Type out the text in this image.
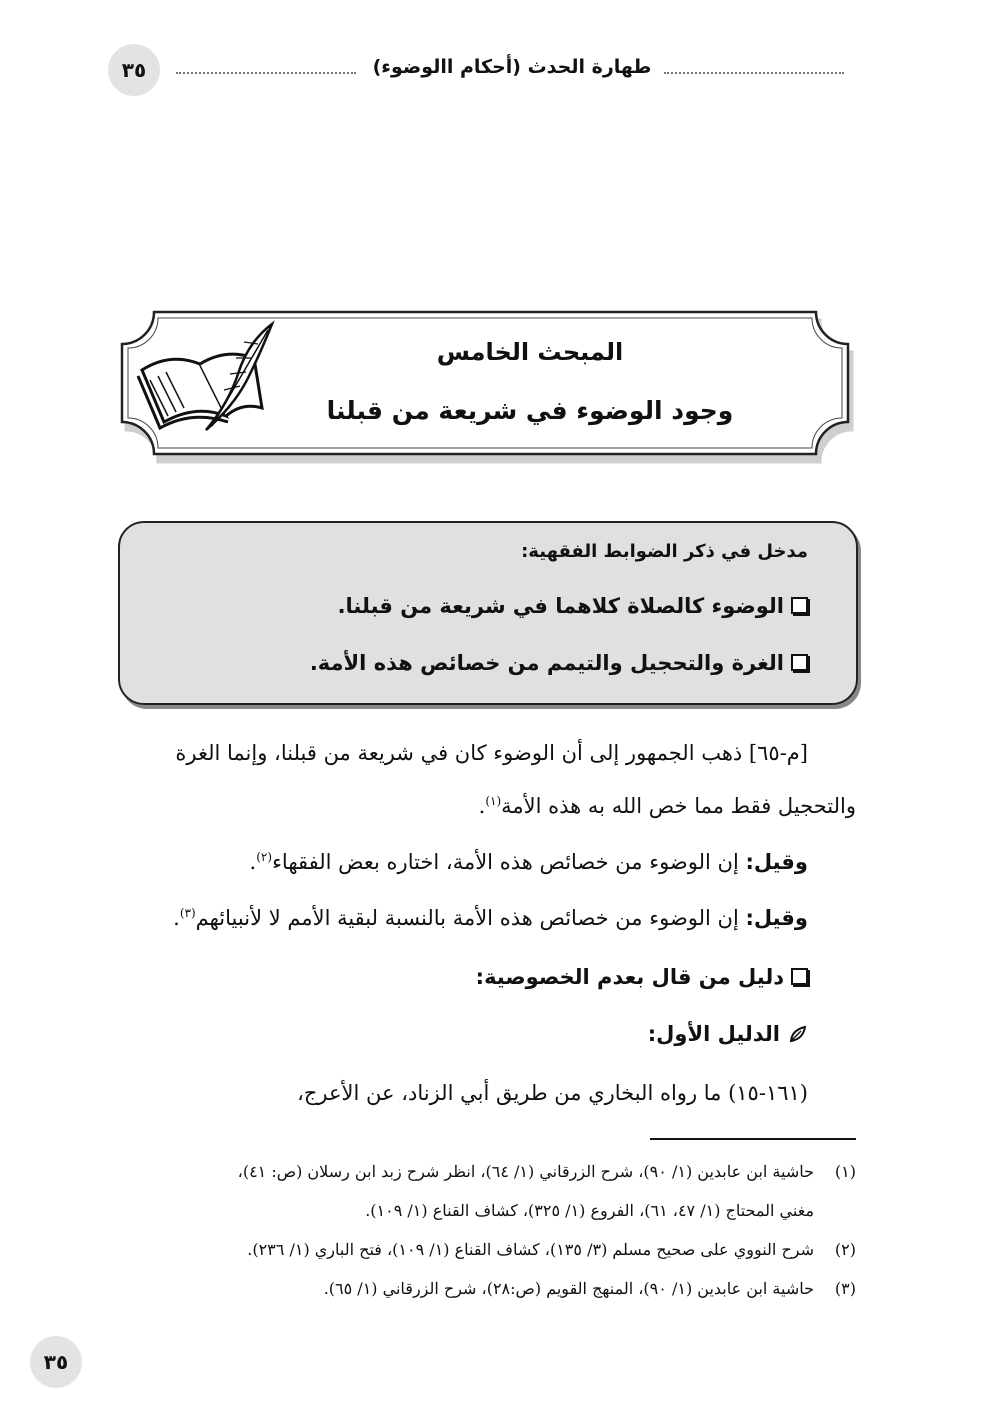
٣٥	طهارة الحدث (أحكام االوضوء)
المبحث الخامس
وجود الوضوء في شريعة من قبلنا
مدخل في ذكر الضوابط الفقهية:
الوضوء كالصلاة كلاهما في شريعة من قبلنا.
الغرة والتحجيل والتيمم من خصائص هذه الأمة.
[م-٦٥] ذهب الجمهور إلى أن الوضوء كان في شريعة من قبلنا، وإنما الغرة
والتحجيل فقط مما خص الله به هذه الأمة$^{(١)}$.
وقيل: إن الوضوء من خصائص هذه الأمة، اختاره بعض الفقهاء$^{(٢)}$.
وقيل: إن الوضوء من خصائص هذه الأمة بالنسبة لبقية الأمم لا لأنبيائهم$^{(٣)}$.
دليل من قال بعدم الخصوصية:
الدليل الأول:
(١٦١-١٥) ما رواه البخاري من طريق أبي الزناد، عن الأعرج،
(١)حاشية ابن عابدين (١/ ٩٠)، شرح الزرقاني (١/ ٦٤)، انظر شرح زبد ابن رسلان (ص: ٤١)،
مغني المحتاج (١/ ٤٧، ٦١)، الفروع (١/ ٣٢٥)، كشاف القناع (١/ ١٠٩).
(٢)شرح النووي على صحيح مسلم (٣/ ١٣٥)، كشاف القناع (١/ ١٠٩)، فتح الباري (١/ ٢٣٦).
(٣)حاشية ابن عابدين (١/ ٩٠)، المنهج القويم (ص:٢٨)، شرح الزرقاني (١/ ٦٥).
٣٥
